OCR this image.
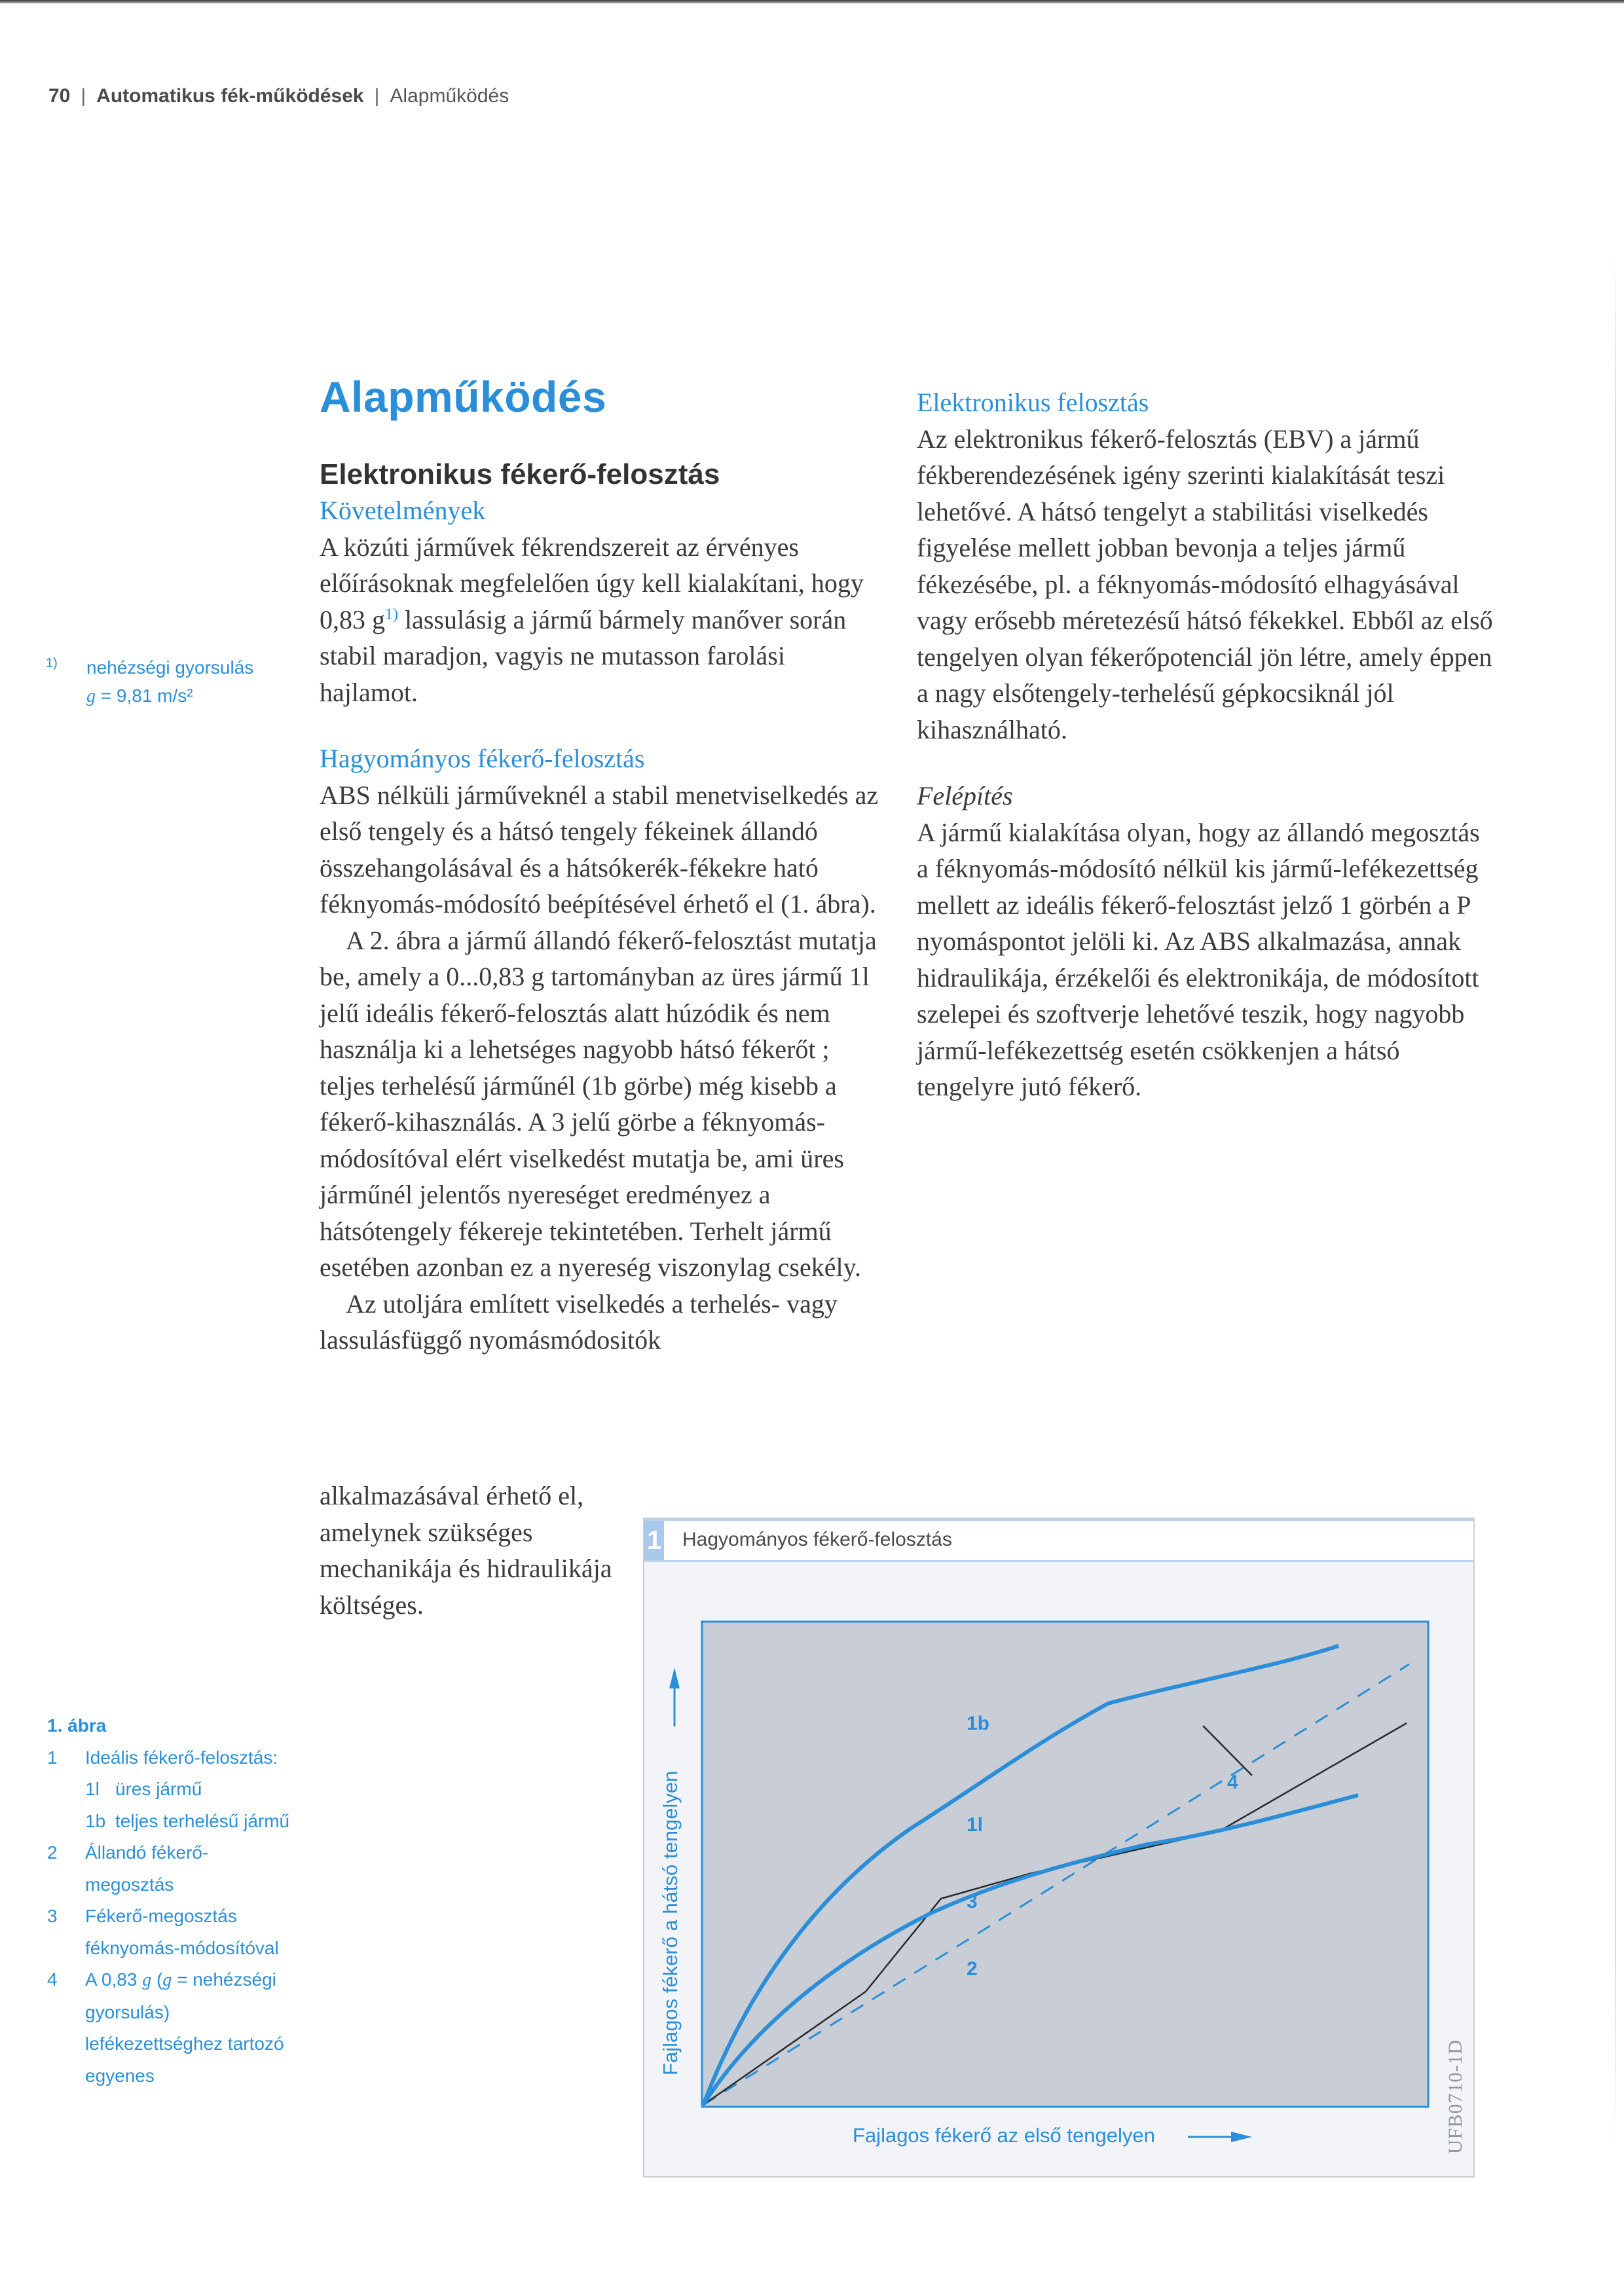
70 | Automatikus fék-működések | Alapműködés
Alapműködés
Elektronikus fékerő-felosztás
1) nehézségi gyorsulás
g = 9,81 m/s²

Követelmények

A közúti járművek fékrendszereit az érvényes előírásoknak megfelelően úgy kell kialakítani, hogy 0,83 $g^{1)}$ lassulásig a jármű bármely manőver során stabil maradjon, vagyis ne mutasson farolási hajlamot.

Hagyományos fékerő-felosztás

ABS nélküli járműveknél a stabil menetviselkedés az első tengely és a hátsó tengely fékeinek állandó összehangolásával és a hátsókerék-fékekre ható féknyomás-módosító beépítésével érhető el (1. ábra).

A 2. ábra a jármű állandó fékerő-felosztást mutatja be, amely a 0...0,83 g tartományban az üres jármű 1l jelű ideális fékerő-felosztás alatt húzódik és nem használja ki a lehetséges nagyobb hátsó fékerőt ; teljes terhelésű járműnél (1b görbe) még kisebb a fékerő-kihasználás. A 3 jelű görbe a féknyomás-módosítóval elért viselkedést mutatja be, ami üres járműnél jelentős nyereséget eredményez a hátsótengely fékereje tekintetében. Terhelt jármű esetében azonban ez a nyereség viszonylag csekély.

Az utoljára említett viselkedés a terhelés- vagy lassulásfüggő nyomásmódositók

alkalmazásával érhető el, amelynek szükséges mechanikája és hidraulikája költséges.

Elektronikus felosztás

Az elektronikus fékerő-felosztás (EBV) a jármű fékberendezésének igény szerinti kialakítását teszi lehetővé. A hátsó tengelyt a stabilitási viselkedés figyelése mellett jobban bevonja a teljes jármű fékezésébe, pl. a féknyomás-módosító elhagyásával vagy erősebb méretezésű hátsó fékekkel. Ebből az első tengelyen olyan fékerőpotenciál jön létre, amely éppen a nagy elsőtengely-terhelésű gépkocsiknál jól kihasználható.

Felépítés

A jármű kialakítása olyan, hogy az állandó megosztás a féknyomás-módosító nélkül kis jármű-lefékezettség mellett az ideális fékerő-felosztást jelző 1 görbén a P nyomáspontot jelöli ki. Az ABS alkalmazása, annak hidraulikája, érzékelői és elektronikája, de módosított szelepei és szoftverje lehetővé teszik, hogy nagyobb jármű-lefékezettség esetén csökkenjen a hátsó tengelyre jutó fékerő.

1. ábra
1 Ideális fékerő-felosztás:
1l üres jármű
1b teljes terhelésű jármű
2 Állandó fékerő-megosztás
3 Fékerő-megosztás féknyomás-módosítóval
4 A 0,83 g (g = nehézségi gyorsulás) lefékezettséghez tartozó egyenes
1 Hagyományos fékerő-felosztás
1b
1l
3
2
4
Fajlagos fékerő a hátsó tengelyen
Fajlagos fékerő az első tengelyen	UFB0710-1D
